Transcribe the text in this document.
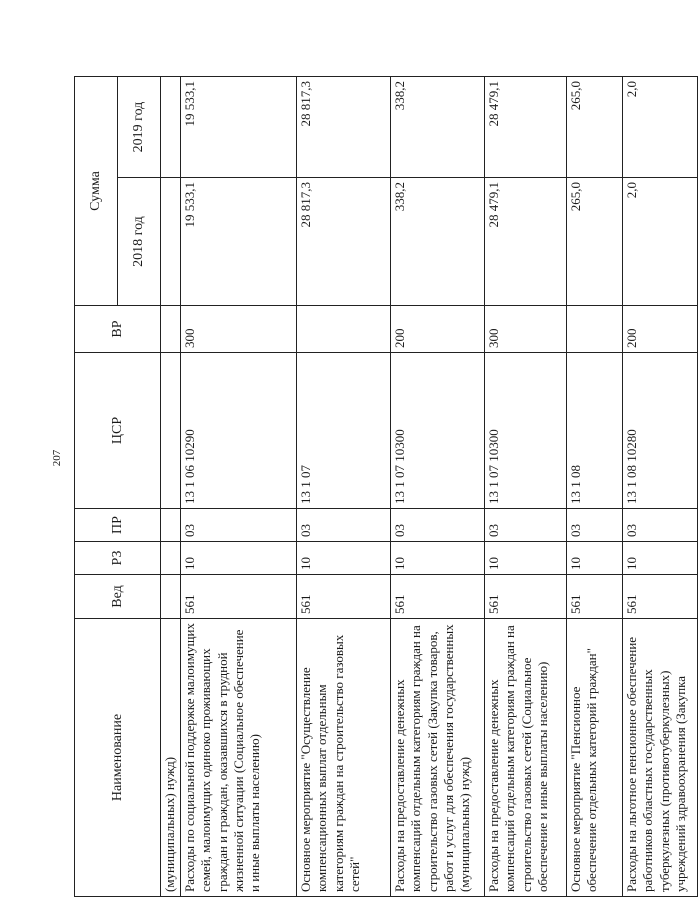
207
Наименование	Вед	РЗ	ПР	ЦСР	ВР	Сумма	
						2018 год	2019 год
(муниципальных) нужд)							
Расходы по социальной поддержке малоимущих семей, малоимущих одиноко проживающих граждан и граждан, оказавшихся в трудной жизненной ситуации (Социальное обеспечение и иные выплаты населению)	561	10	03	13 1 06 10290	300	19 533,1	19 533,1
Основное мероприятие "Осуществление компенсационных выплат отдельным категориям граждан на строительство газовых сетей"	561	10	03	13 1 07		28 817,3	28 817,3
Расходы на предоставление денежных компенсаций отдельным категориям граждан на строительство газовых сетей (Закупка товаров, работ и услуг для обеспечения государственных (муниципальных) нужд)	561	10	03	13 1 07 10300	200	338,2	338,2
Расходы на предоставление денежных компенсаций отдельным категориям граждан на строительство газовых сетей (Социальное обеспечение и иные выплаты населению)	561	10	03	13 1 07 10300	300	28 479,1	28 479,1
Основное мероприятие "Пенсионное обеспечение отдельных категорий граждан"	561	10	03	13 1 08		265,0	265,0
Расходы на льготное пенсионное обеспечение работников областных государственных туберкулезных (противотуберкулезных) учреждений здравоохранения (Закупка	561	10	03	13 1 08 10280	200	2,0	2,0
